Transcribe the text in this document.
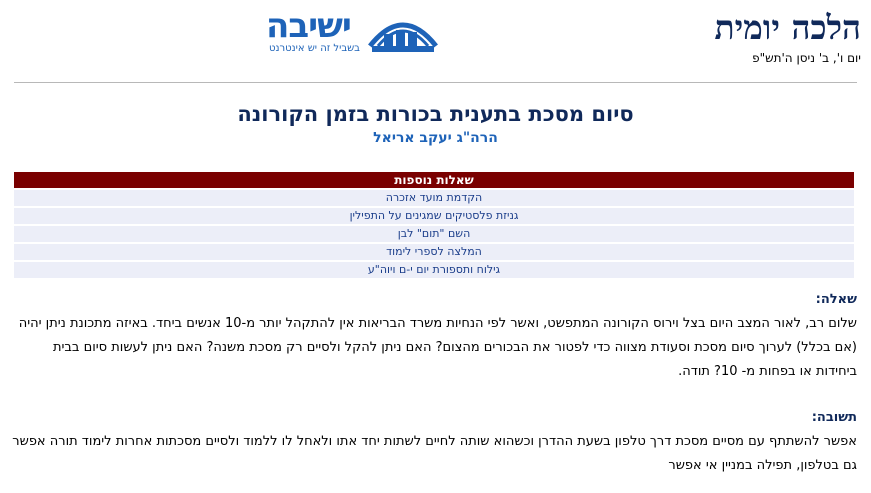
הלכה יומית
יום ו', ב' ניסן ה'תש"פ
ישיבה
בשביל זה יש אינטרנט
סיום מסכת בתענית בכורות בזמן הקורונה
הרה"ג יעקב אריאל
שאלות נוספות
הקדמת מועד אזכרה
גניזת פלסטיקים שמגינים על התפילין
השם "תום" לבן
המלצה לספרי לימוד
גילוח ותספורת יום י-ם ויוה"ע
שאלה:
שלום רב, לאור המצב היום בצל וירוס הקורונה המתפשט, ואשר לפי הנחיות משרד הבריאות אין להתקהל יותר מ-10 אנשים ביחד. באיזה מתכונת ניתן יהיה (אם בכלל) לערוך סיום מסכת וסעודת מצווה כדי לפטור את הבכורים מהצום? האם ניתן להקל ולסיים רק מסכת משנה? האם ניתן לעשות סיום בבית ביחידות או בפחות מ- 10? תודה.
תשובה:
אפשר להשתתף עם מסיים מסכת דרך טלפון בשעת ההדרן וכשהוא שותה לחיים לשתות יחד אתו ולאחל לו ללמוד ולסיים מסכתות אחרות לימוד תורה אפשר גם בטלפון, תפילה במניין אי אפשר
